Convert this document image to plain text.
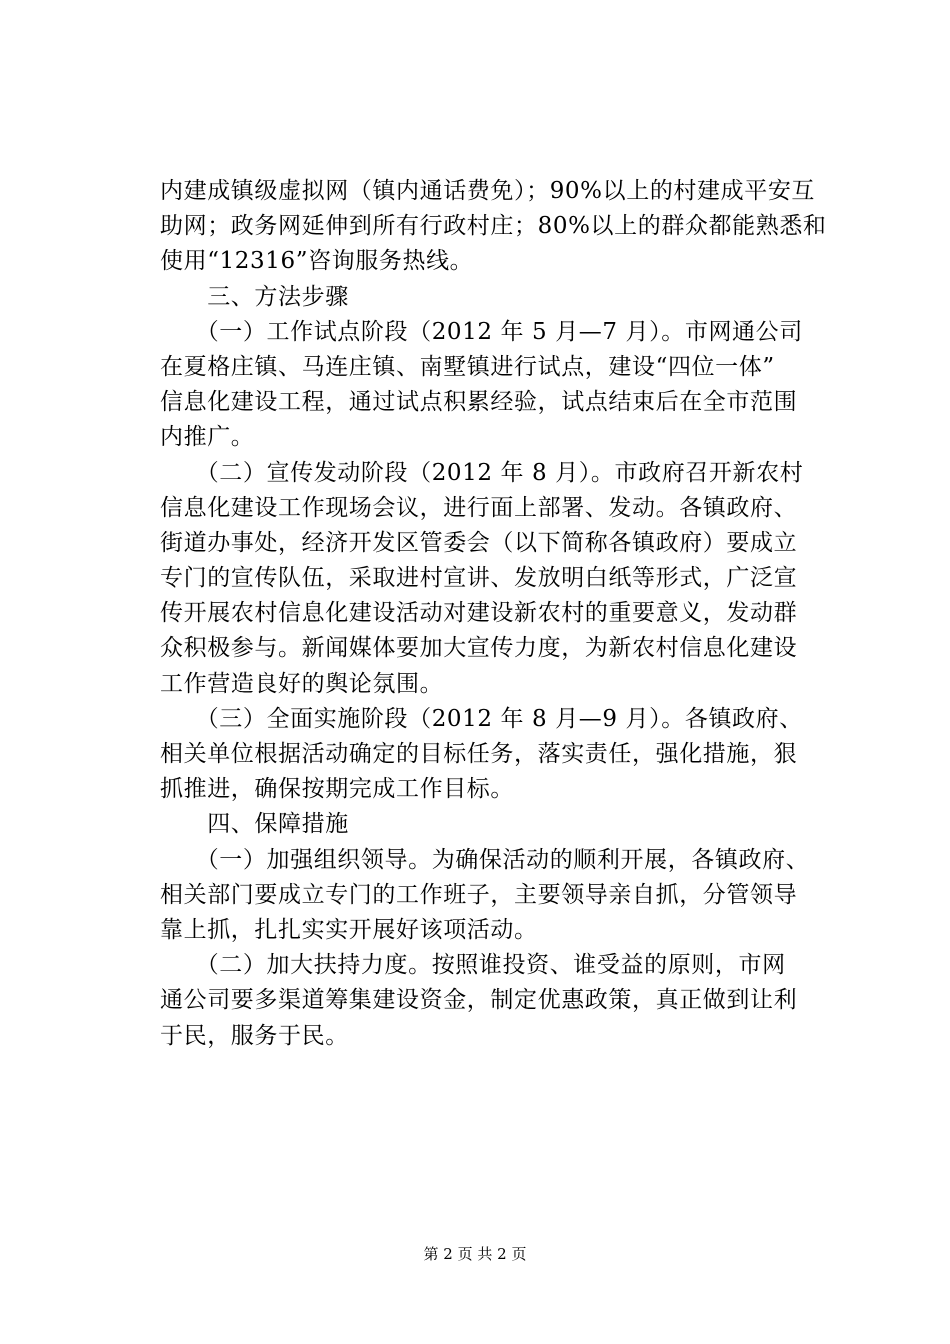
内建成镇级虚拟网（镇内通话费免）；90%以上的村建成平安互
助网；政务网延伸到所有行政村庄；80%以上的群众都能熟悉和
使用“12316”咨询服务热线。
　　三、方法步骤
　　（一）工作试点阶段（2012 年 5 月—7 月）。市网通公司
在夏格庄镇、马连庄镇、南墅镇进行试点，建设“四位一体”
信息化建设工程，通过试点积累经验，试点结束后在全市范围
内推广。
　　（二）宣传发动阶段（2012 年 8 月）。市政府召开新农村
信息化建设工作现场会议，进行面上部署、发动。各镇政府、
街道办事处，经济开发区管委会（以下简称各镇政府）要成立
专门的宣传队伍，采取进村宣讲、发放明白纸等形式，广泛宣
传开展农村信息化建设活动对建设新农村的重要意义，发动群
众积极参与。新闻媒体要加大宣传力度，为新农村信息化建设
工作营造良好的舆论氛围。
　　（三）全面实施阶段（2012 年 8 月—9 月）。各镇政府、
相关单位根据活动确定的目标任务，落实责任，强化措施，狠
抓推进，确保按期完成工作目标。
　　四、保障措施
　　（一）加强组织领导。为确保活动的顺利开展，各镇政府、
相关部门要成立专门的工作班子，主要领导亲自抓，分管领导
靠上抓，扎扎实实开展好该项活动。
　　（二）加大扶持力度。按照谁投资、谁受益的原则，市网
通公司要多渠道筹集建设资金，制定优惠政策，真正做到让利
于民，服务于民。
第 2 页 共 2 页
